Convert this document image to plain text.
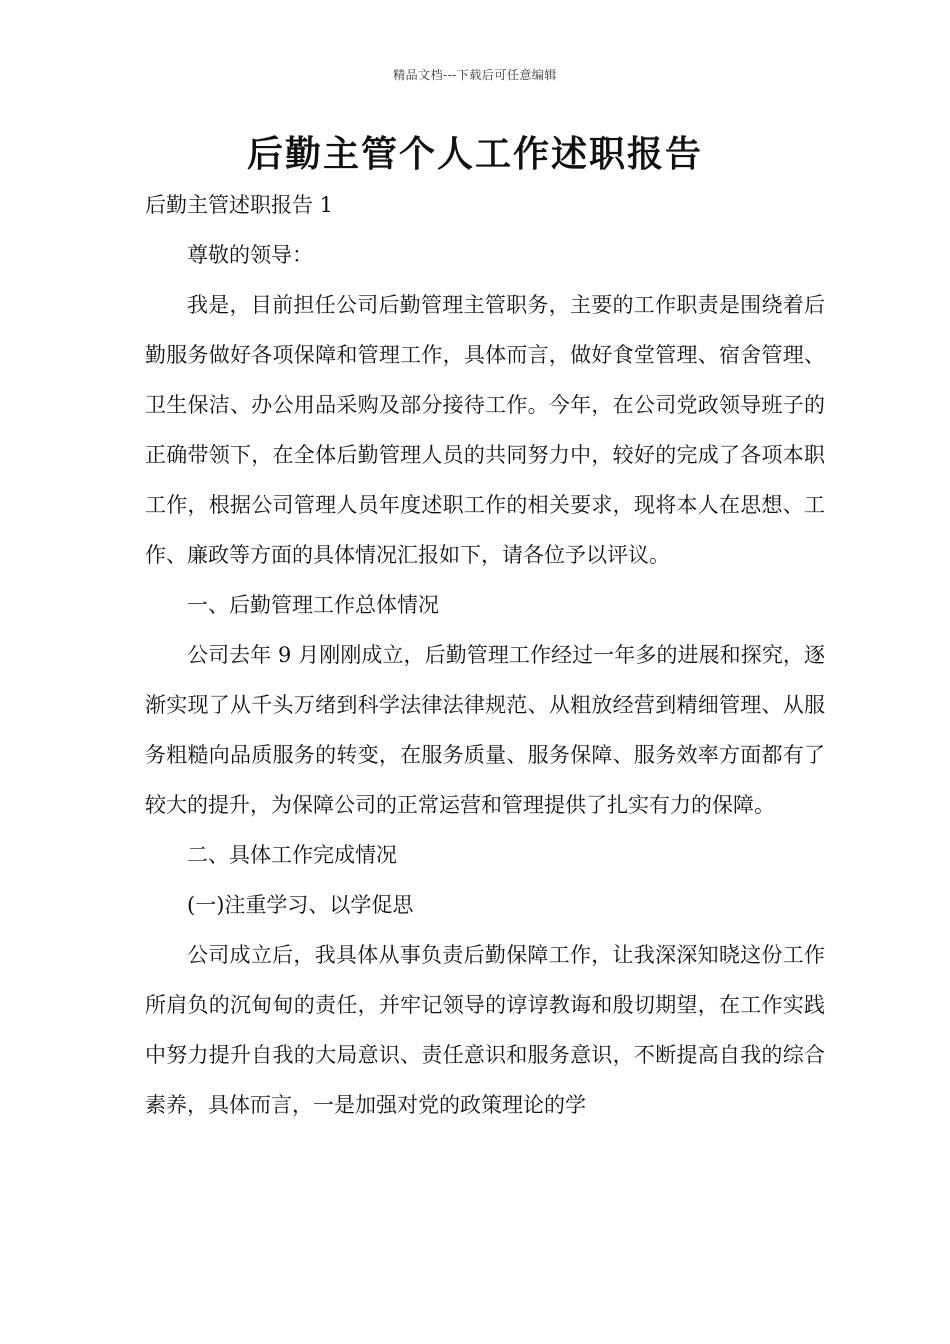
精品文档---下载后可任意编辑
后勤主管个人工作述职报告

后勤主管述职报告 1

尊敬的领导：

我是，目前担任公司后勤管理主管职务，主要的工作职责是围绕着后勤服务做好各项保障和管理工作，具体而言，做好食堂管理、宿舍管理、卫生保洁、办公用品采购及部分接待工作。今年，在公司党政领导班子的正确带领下，在全体后勤管理人员的共同努力中，较好的完成了各项本职工作，根据公司管理人员年度述职工作的相关要求，现将本人在思想、工作、廉政等方面的具体情况汇报如下，请各位予以评议。

一、后勤管理工作总体情况

公司去年 9 月刚刚成立，后勤管理工作经过一年多的进展和探究，逐渐实现了从千头万绪到科学法律法律规范、从粗放经营到精细管理、从服务粗糙向品质服务的转变，在服务质量、服务保障、服务效率方面都有了较大的提升，为保障公司的正常运营和管理提供了扎实有力的保障。

二、具体工作完成情况

(一)注重学习、以学促思

公司成立后，我具体从事负责后勤保障工作，让我深深知晓这份工作所肩负的沉甸甸的责任，并牢记领导的谆谆教诲和殷切期望，在工作实践中努力提升自我的大局意识、责任意识和服务意识，不断提高自我的综合素养，具体而言，一是加强对党的政策理论的学
